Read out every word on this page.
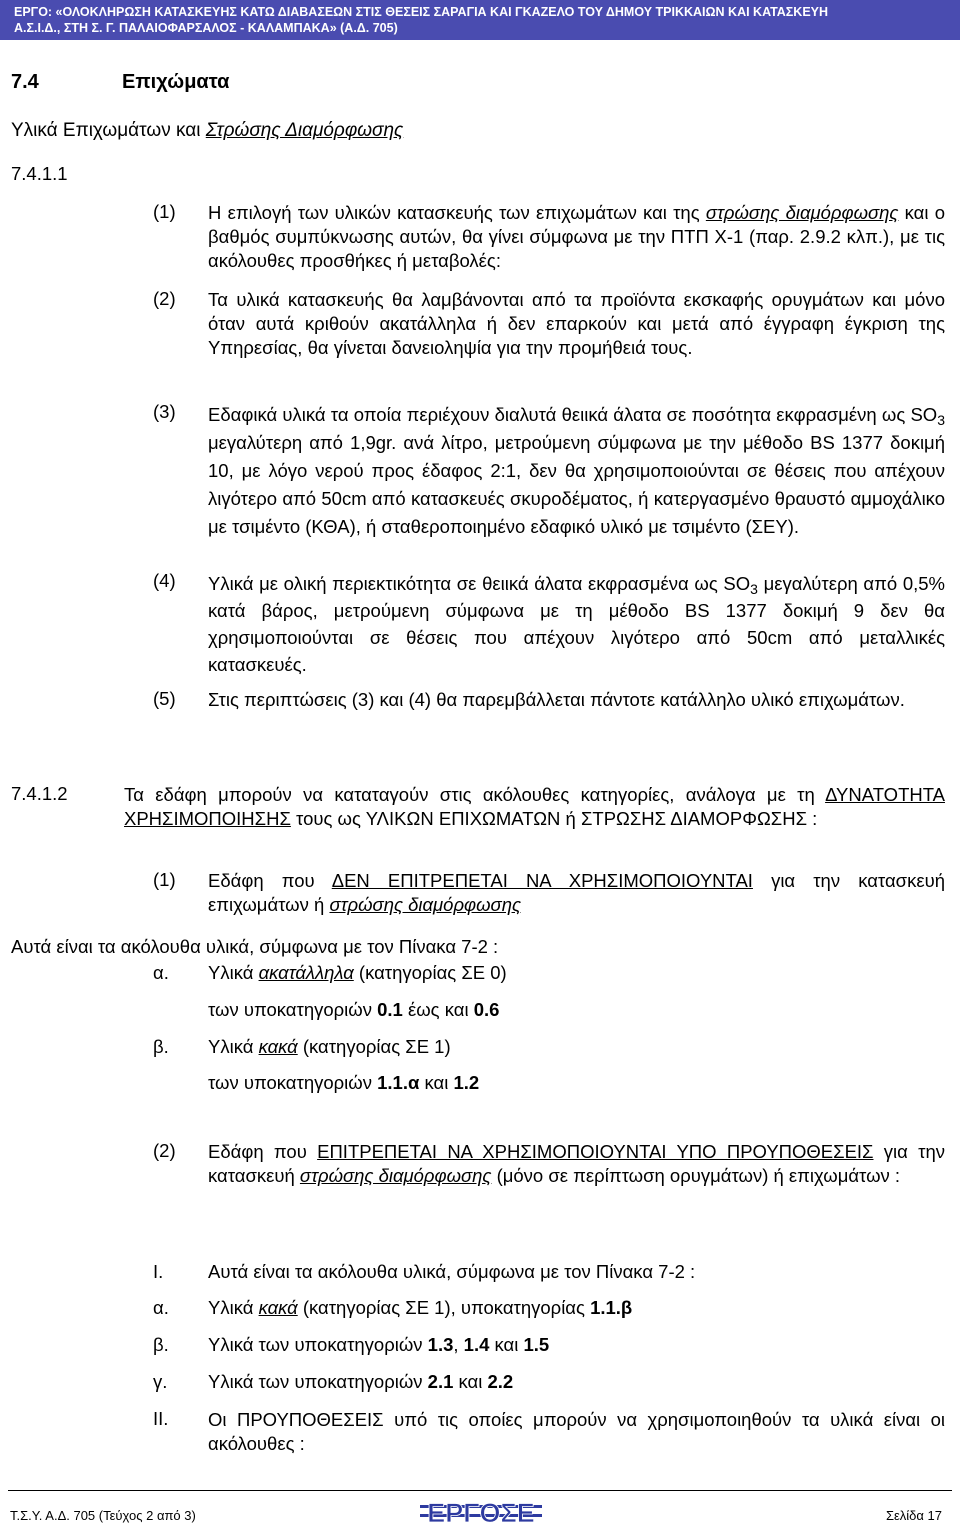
ΕΡΓΟ: «ΟΛΟΚΛΗΡΩΣΗ ΚΑΤΑΣΚΕΥΗΣ ΚΑΤΩ ΔΙΑΒΑΣΕΩΝ ΣΤΙΣ ΘΕΣΕΙΣ ΣΑΡΑΓΙΑ ΚΑΙ ΓΚΑΖΕΛΟ ΤΟΥ ΔΗΜΟΥ ΤΡΙΚΚΑΙΩΝ ΚΑΙ ΚΑΤΑΣΚΕΥΗ
Α.Σ.Ι.Δ., ΣΤΗ Σ. Γ. ΠΑΛΑΙΟΦΑΡΣΑΛΟΣ - ΚΑΛΑΜΠΑΚΑ» (Α.Δ. 705)
7.4	Επιχώματα
Υλικά Επιχωμάτων και Στρώσης Διαμόρφωσης
7.4.1.1
(1) Η επιλογή των υλικών κατασκευής των επιχωμάτων και της στρώσης διαμόρφωσης και ο βαθμός συμπύκνωσης αυτών, θα γίνει σύμφωνα με την ΠΤΠ Χ-1 (παρ. 2.9.2 κλπ.), με τις ακόλουθες προσθήκες ή μεταβολές:
(2) Τα υλικά κατασκευής θα λαμβάνονται από τα προϊόντα εκσκαφής ορυγμάτων και μόνο όταν αυτά κριθούν ακατάλληλα ή δεν επαρκούν και μετά από έγγραφη έγκριση της Υπηρεσίας, θα γίνεται δανειοληψία για την προμήθειά τους.
(3) Εδαφικά υλικά τα οποία περιέχουν διαλυτά θειικά άλατα σε ποσότητα εκφρασμένη ως $SO_3$ μεγαλύτερη από 1,9gr. ανά λίτρο, μετρούμενη σύμφωνα με την μέθοδο BS 1377 δοκιμή 10, με λόγο νερού προς έδαφος 2:1, δεν θα χρησιμοποιούνται σε θέσεις που απέχουν λιγότερο από 50cm από κατασκευές σκυροδέματος, ή κατεργασμένο θραυστό αμμοχάλικο με τσιμέντο (ΚΘΑ), ή σταθεροποιημένο εδαφικό υλικό με τσιμέντο (ΣΕΥ).
(4) Υλικά με ολική περιεκτικότητα σε θειικά άλατα εκφρασμένα ως $SO_3$ μεγαλύτερη από 0,5% κατά βάρος, μετρούμενη σύμφωνα με τη μέθοδο BS 1377 δοκιμή 9 δεν θα χρησιμοποιούνται σε θέσεις που απέχουν λιγότερο από 50cm από μεταλλικές κατασκευές.
(5) Στις περιπτώσεις (3) και (4) θα παρεμβάλλεται πάντοτε κατάλληλο υλικό επιχωμάτων.
7.4.1.2	Τα εδάφη μπορούν να καταταγούν στις ακόλουθες κατηγορίες, ανάλογα με τη ΔΥΝΑΤΟΤΗΤΑ ΧΡΗΣΙΜΟΠΟΙΗΣΗΣ τους ως ΥΛΙΚΩΝ ΕΠΙΧΩΜΑΤΩΝ ή ΣΤΡΩΣΗΣ ΔΙΑΜΟΡΦΩΣΗΣ :
(1) Εδάφη που ΔΕΝ ΕΠΙΤΡΕΠΕΤΑΙ ΝΑ ΧΡΗΣΙΜΟΠΟΙΟΥΝΤΑΙ για την κατασκευή επιχωμάτων ή στρώσης διαμόρφωσης
Αυτά είναι τα ακόλουθα υλικά, σύμφωνα με τον Πίνακα 7-2 :
α. Υλικά ακατάλληλα (κατηγορίας ΣΕ 0)
των υποκατηγοριών 0.1 έως και 0.6
β. Υλικά κακά (κατηγορίας ΣΕ 1)
των υποκατηγοριών 1.1.α και 1.2
(2) Εδάφη που ΕΠΙΤΡΕΠΕΤΑΙ ΝΑ ΧΡΗΣΙΜΟΠΟΙΟΥΝΤΑΙ ΥΠΟ ΠΡΟΥΠΟΘΕΣΕΙΣ για την κατασκευή στρώσης διαμόρφωσης (μόνο σε περίπτωση ορυγμάτων) ή επιχωμάτων :
Ι. Αυτά είναι τα ακόλουθα υλικά, σύμφωνα με τον Πίνακα 7-2 :
α. Υλικά κακά (κατηγορίας ΣΕ 1), υποκατηγορίας 1.1.β
β. Υλικά των υποκατηγοριών 1.3, 1.4 και 1.5
γ. Υλικά των υποκατηγοριών 2.1 και 2.2
ΙΙ. Οι ΠΡΟΥΠΟΘΕΣΕΙΣ υπό τις οποίες μπορούν να χρησιμοποιηθούν τα υλικά είναι οι ακόλουθες :
Τ.Σ.Υ. Α.Δ. 705 (Τεύχος 2 από 3)	Σελίδα 17
ΕΡΓΟΣΕ
